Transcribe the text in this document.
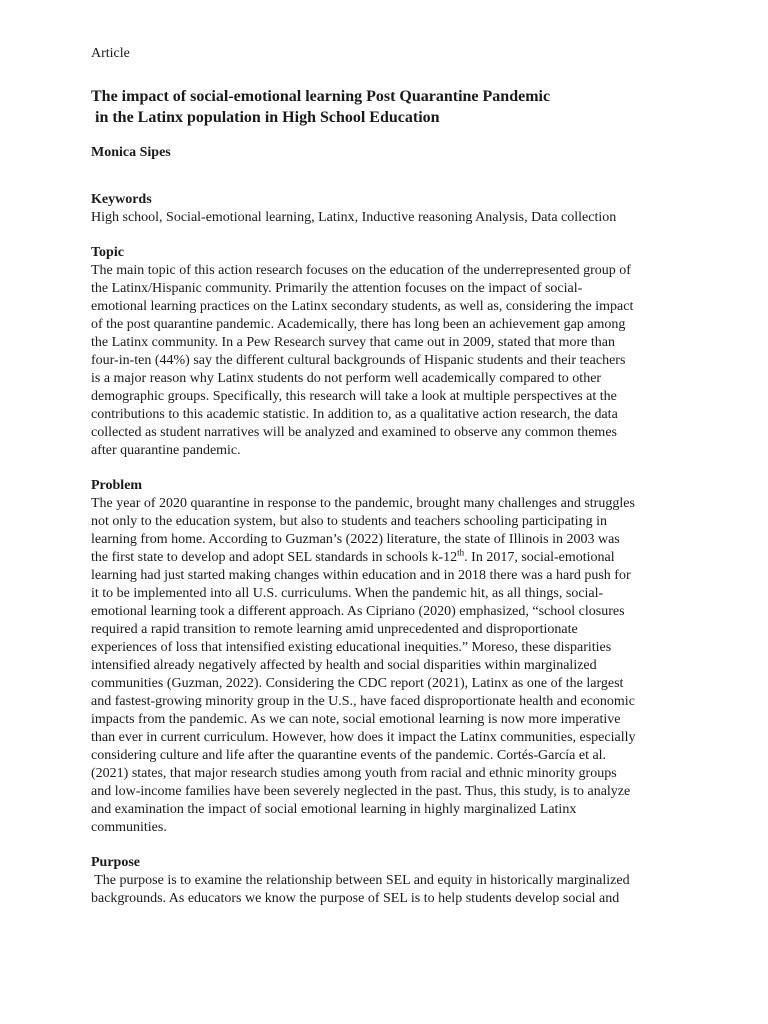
Article
The impact of social-emotional learning Post Quarantine Pandemic
in the Latinx population in High School Education
Monica Sipes
Keywords

High school, Social-emotional learning, Latinx, Inductive reasoning Analysis, Data collection

Topic

The main topic of this action research focuses on the education of the underrepresented group of
the Latinx/Hispanic community. Primarily the attention focuses on the impact of social-
emotional learning practices on the Latinx secondary students, as well as, considering the impact
of the post quarantine pandemic. Academically, there has long been an achievement gap among
the Latinx community. In a Pew Research survey that came out in 2009, stated that more than
four-in-ten (44%) say the different cultural backgrounds of Hispanic students and their teachers
is a major reason why Latinx students do not perform well academically compared to other
demographic groups. Specifically, this research will take a look at multiple perspectives at the
contributions to this academic statistic. In addition to, as a qualitative action research, the data
collected as student narratives will be analyzed and examined to observe any common themes
after quarantine pandemic.

Problem

The year of 2020 quarantine in response to the pandemic, brought many challenges and struggles
not only to the education system, but also to students and teachers schooling participating in
learning from home. According to Guzman’s (2022) literature, the state of Illinois in 2003 was
the first state to develop and adopt SEL standards in schools k-12th. In 2017, social-emotional
learning had just started making changes within education and in 2018 there was a hard push for
it to be implemented into all U.S. curriculums. When the pandemic hit, as all things, social-
emotional learning took a different approach. As Cipriano (2020) emphasized, “school closures
required a rapid transition to remote learning amid unprecedented and disproportionate
experiences of loss that intensified existing educational inequities.” Moreso, these disparities
intensified already negatively affected by health and social disparities within marginalized
communities (Guzman, 2022). Considering the CDC report (2021), Latinx as one of the largest
and fastest-growing minority group in the U.S., have faced disproportionate health and economic
impacts from the pandemic. As we can note, social emotional learning is now more imperative
than ever in current curriculum. However, how does it impact the Latinx communities, especially
considering culture and life after the quarantine events of the pandemic. Cortés-García et al.
(2021) states, that major research studies among youth from racial and ethnic minority groups
and low-income families have been severely neglected in the past. Thus, this study, is to analyze
and examination the impact of social emotional learning in highly marginalized Latinx
communities.

Purpose

The purpose is to examine the relationship between SEL and equity in historically marginalized
backgrounds. As educators we know the purpose of SEL is to help students develop social and
